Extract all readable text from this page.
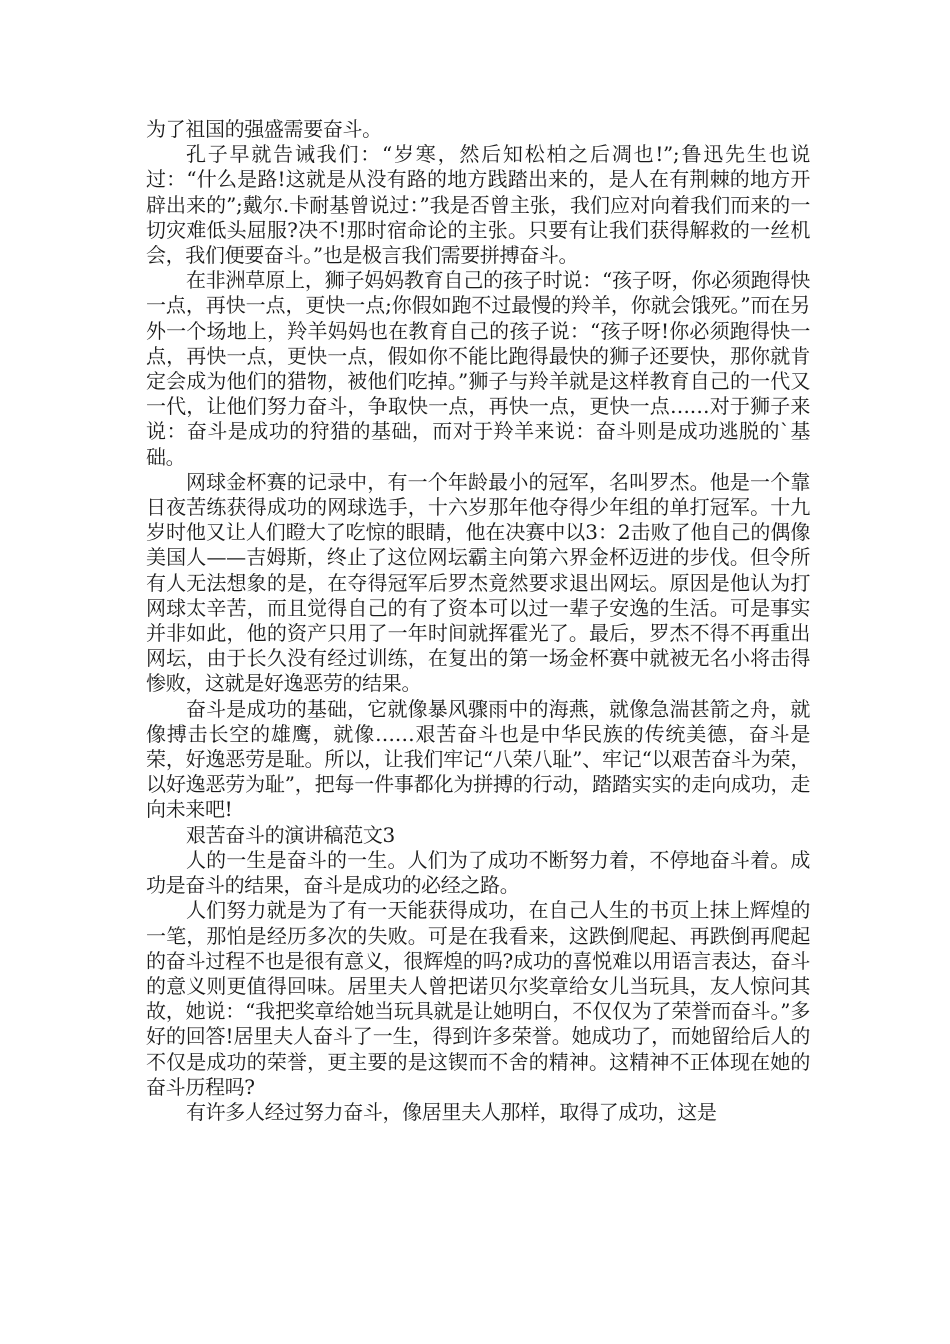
为了祖国的强盛需要奋斗。

孔子早就告诫我们：“岁寒，然后知松柏之后凋也!”;鲁迅先生也说过：“什么是路!这就是从没有路的地方践踏出来的，是人在有荆棘的地方开辟出来的”;戴尔.卡耐基曾说过：”我是否曾主张，我们应对向着我们而来的一切灾难低头屈服?决不!那时宿命论的主张。只要有让我们获得解救的一丝机会，我们便要奋斗。”也是极言我们需要拼搏奋斗。

在非洲草原上，狮子妈妈教育自己的孩子时说：“孩子呀，你必须跑得快一点，再快一点，更快一点;你假如跑不过最慢的羚羊，你就会饿死。”而在另外一个场地上，羚羊妈妈也在教育自己的孩子说：“孩子呀!你必须跑得快一点，再快一点，更快一点，假如你不能比跑得最快的狮子还要快，那你就肯定会成为他们的猎物，被他们吃掉。”狮子与羚羊就是这样教育自己的一代又一代，让他们努力奋斗，争取快一点，再快一点，更快一点……对于狮子来说：奋斗是成功的狩猎的基础，而对于羚羊来说：奋斗则是成功逃脱的`基础。

网球金杯赛的记录中，有一个年龄最小的冠军，名叫罗杰。他是一个靠日夜苦练获得成功的网球选手，十六岁那年他夺得少年组的单打冠军。十九岁时他又让人们瞪大了吃惊的眼睛，他在决赛中以3：2击败了他自己的偶像美国人——吉姆斯，终止了这位网坛霸主向第六界金杯迈进的步伐。但令所有人无法想象的是，在夺得冠军后罗杰竟然要求退出网坛。原因是他认为打网球太辛苦，而且觉得自己的有了资本可以过一辈子安逸的生活。可是事实并非如此，他的资产只用了一年时间就挥霍光了。最后，罗杰不得不再重出网坛，由于长久没有经过训练，在复出的第一场金杯赛中就被无名小将击得惨败，这就是好逸恶劳的结果。

奋斗是成功的基础，它就像暴风骤雨中的海燕，就像急湍甚箭之舟，就像搏击长空的雄鹰，就像……艰苦奋斗也是中华民族的传统美德，奋斗是荣，好逸恶劳是耻。所以，让我们牢记“八荣八耻”、牢记“以艰苦奋斗为荣，以好逸恶劳为耻”，把每一件事都化为拼搏的行动，踏踏实实的走向成功，走向未来吧!

艰苦奋斗的演讲稿范文3

人的一生是奋斗的一生。人们为了成功不断努力着，不停地奋斗着。成功是奋斗的结果，奋斗是成功的必经之路。

人们努力就是为了有一天能获得成功，在自己人生的书页上抹上辉煌的一笔，那怕是经历多次的失败。可是在我看来，这跌倒爬起、再跌倒再爬起的奋斗过程不也是很有意义，很辉煌的吗?成功的喜悦难以用语言表达，奋斗的意义则更值得回味。居里夫人曾把诺贝尔奖章给女儿当玩具，友人惊问其故，她说：“我把奖章给她当玩具就是让她明白，不仅仅为了荣誉而奋斗。”多好的回答!居里夫人奋斗了一生，得到许多荣誉。她成功了，而她留给后人的不仅是成功的荣誉，更主要的是这锲而不舍的精神。这精神不正体现在她的奋斗历程吗?

有许多人经过努力奋斗，像居里夫人那样，取得了成功，这是
